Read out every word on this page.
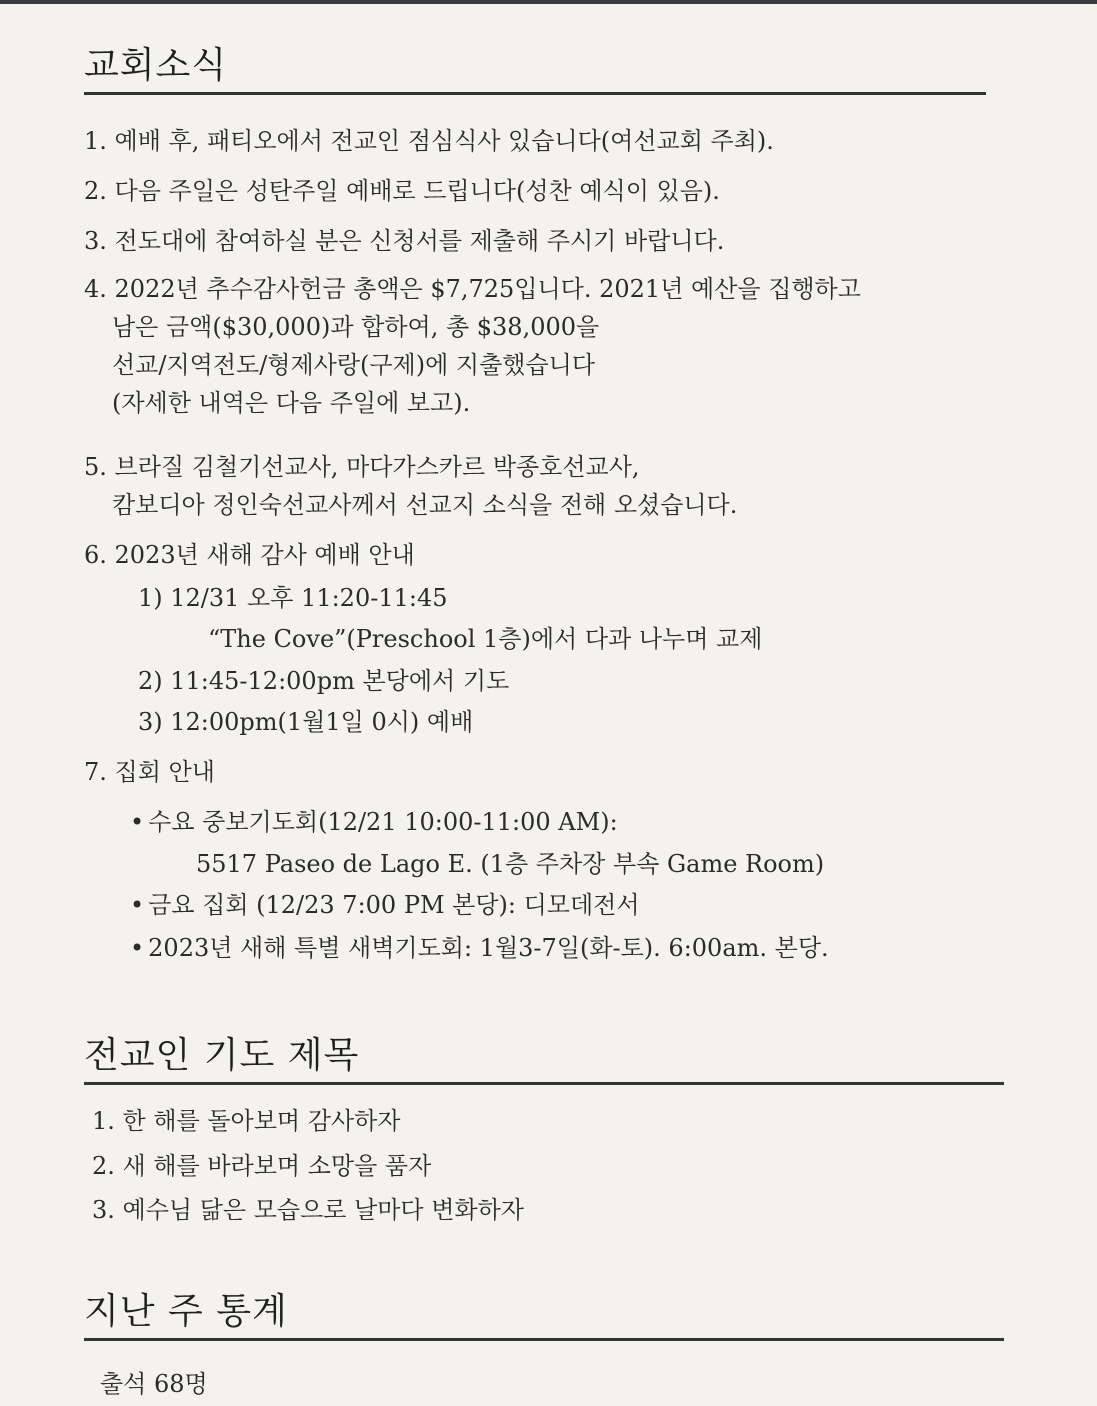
교회소식

1. 예배 후, 패티오에서 전교인 점심식사 있습니다(여선교회 주최).

2. 다음 주일은 성탄주일 예배로 드립니다(성찬 예식이 있음).

3. 전도대에 참여하실 분은 신청서를 제출해 주시기 바랍니다.

4. 2022년 추수감사헌금 총액은 $7,725입니다. 2021년 예산을 집행하고
남은 금액($30,000)과 합하여, 총 $38,000을
선교/지역전도/형제사랑(구제)에 지출했습니다
(자세한 내역은 다음 주일에 보고).

5. 브라질 김철기선교사, 마다가스카르 박종호선교사,
캄보디아 정인숙선교사께서 선교지 소식을 전해 오셨습니다.

6. 2023년 새해 감사 예배 안내

1) 12/31 오후 11:20-11:45
“The Cove”(Preschool 1층)에서 다과 나누며 교제
2) 11:45-12:00pm 본당에서 기도
3) 12:00pm(1월1일 0시) 예배
7. 집회 안내
• 수요 중보기도회(12/21 10:00-11:00 AM):
5517 Paseo de Lago E. (1층 주차장 부속 Game Room)
• 금요 집회 (12/23 7:00 PM 본당): 디모데전서
• 2023년 새해 특별 새벽기도회: 1월3-7일(화-토). 6:00am. 본당.
전교인 기도 제목
1. 한 해를 돌아보며 감사하자
2. 새 해를 바라보며 소망을 품자
3. 예수님 닮은 모습으로 날마다 변화하자
지난 주 통계
출석 68명
